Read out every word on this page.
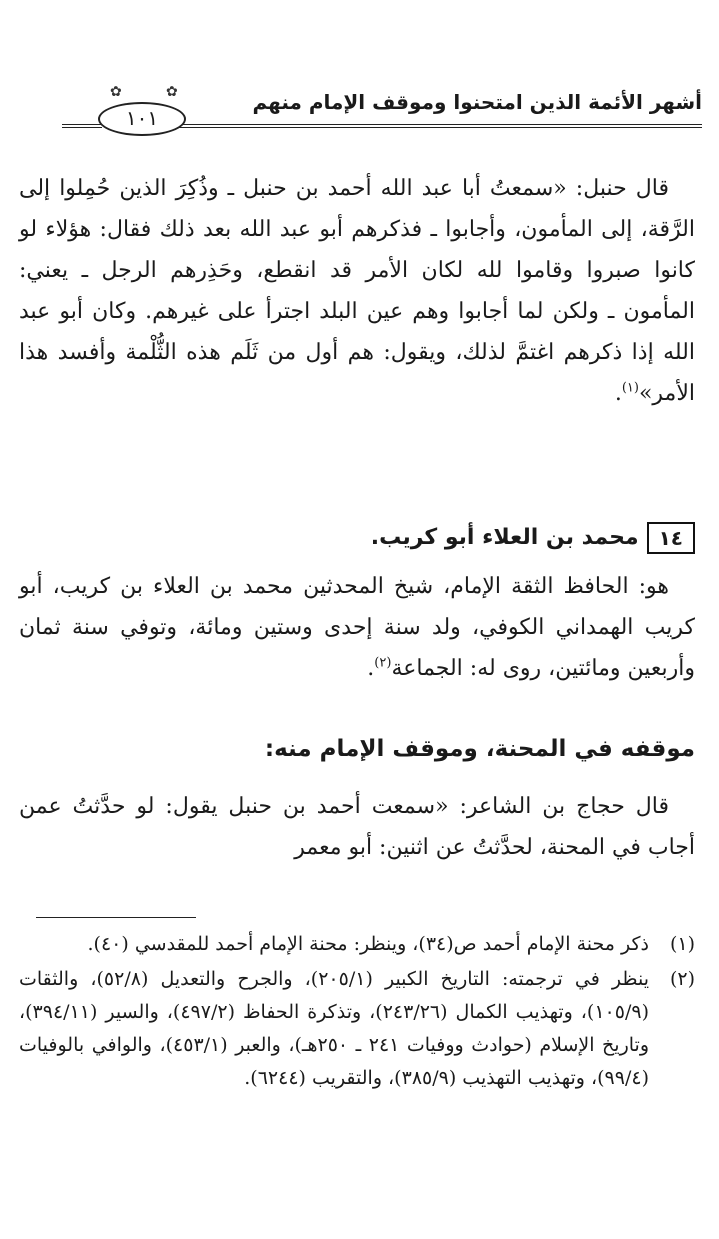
أشهر الأئمة الذين امتحنوا وموقف الإمام منهم
✿	✿
١٠١

قال حنبل: «سمعتُ أبا عبد الله أحمد بن حنبل ـ وذُكِرَ الذين حُمِلوا إلى الرَّقة، إلى المأمون، وأجابوا ـ فذكرهم أبو عبد الله بعد ذلك فقال: هؤلاء لو كانوا صبروا وقاموا لله لكان الأمر قد انقطع، وحَذِرهم الرجل ـ يعني: المأمون ـ ولكن لما أجابوا وهم عين البلد اجترأ على غيرهم. وكان أبو عبد الله إذا ذكرهم اغتمَّ لذلك، ويقول: هم أول من ثَلَم هذه الثُّلْمة وأفسد هذا الأمر»$^{(١)}$.

١٤محمد بن العلاء أبو كريب.

هو: الحافظ الثقة الإمام، شيخ المحدثين محمد بن العلاء بن كريب، أبو كريب الهمداني الكوفي، ولد سنة إحدى وستين ومائة، وتوفي سنة ثمان وأربعين ومائتين، روى له: الجماعة$^{(٢)}$.

موقفه في المحنة، وموقف الإمام منه:

قال حجاج بن الشاعر: «سمعت أحمد بن حنبل يقول: لو حدَّثتُ عمن أجاب في المحنة، لحدَّثتُ عن اثنين: أبو معمر

(١)
ذكر محنة الإمام أحمد ص(٣٤)، وينظر: محنة الإمام أحمد للمقدسي (٤٠).
(٢)
ينظر في ترجمته: التاريخ الكبير (٢٠٥/١)، والجرح والتعديل (٥٢/٨)، والثقات (١٠٥/٩)، وتهذيب الكمال (٢٤٣/٢٦)، وتذكرة الحفاظ (٤٩٧/٢)، والسير (٣٩٤/١١)، وتاريخ الإسلام (حوادث ووفيات ٢٤١ ـ ٢٥٠هـ)، والعبر (٤٥٣/١)، والوافي بالوفيات (٩٩/٤)، وتهذيب التهذيب (٣٨٥/٩)، والتقريب (٦٢٤٤).
